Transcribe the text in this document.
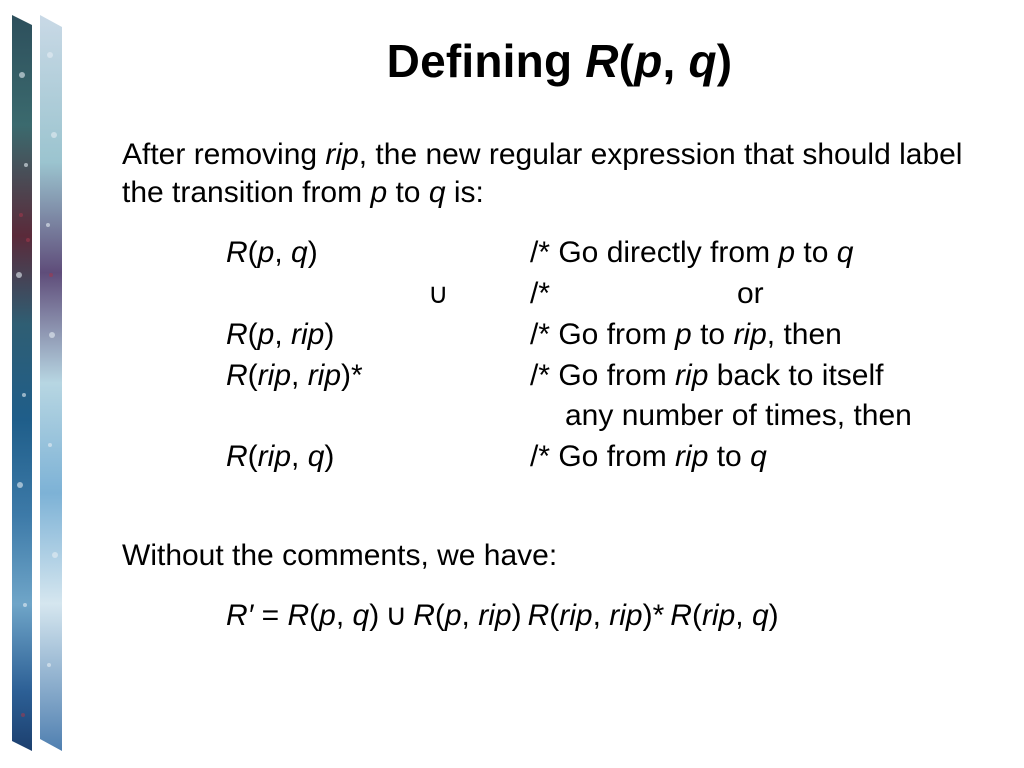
Defining R(p, q)
After removing rip, the new regular expression that should label the transition from p to q is:
R(p, q)	/* Go directly from p to q
∪	/*	or
R(p, rip)	/* Go from p to rip, then
R(rip, rip)*	/* Go from rip back to itself
any number of times, then
R(rip, q)	/* Go from rip to q
Without the comments, we have:
R′ = R(p, q) ∪ R(p, rip) R(rip, rip)* R(rip, q)
